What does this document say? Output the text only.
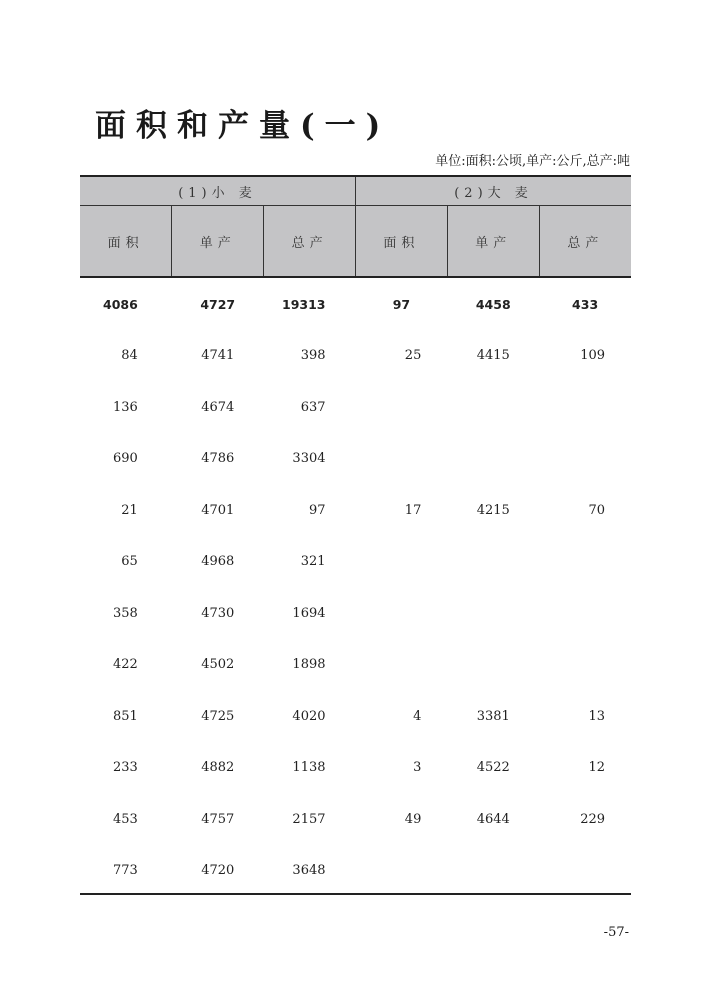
面积和产量(一)
单位:面积:公顷,单产:公斤,总产:吨
(1)小 麦			(2)大 麦		
面积	单产	总产	面积	单产	总产
4086	4727	19313	97	4458	433
84	4741	398	25	4415	109
136	4674	637			
690	4786	3304			
21	4701	97	17	4215	70
65	4968	321			
358	4730	1694			
422	4502	1898			
851	4725	4020	4	3381	13
233	4882	1138	3	4522	12
453	4757	2157	49	4644	229
773	4720	3648			
-57-
